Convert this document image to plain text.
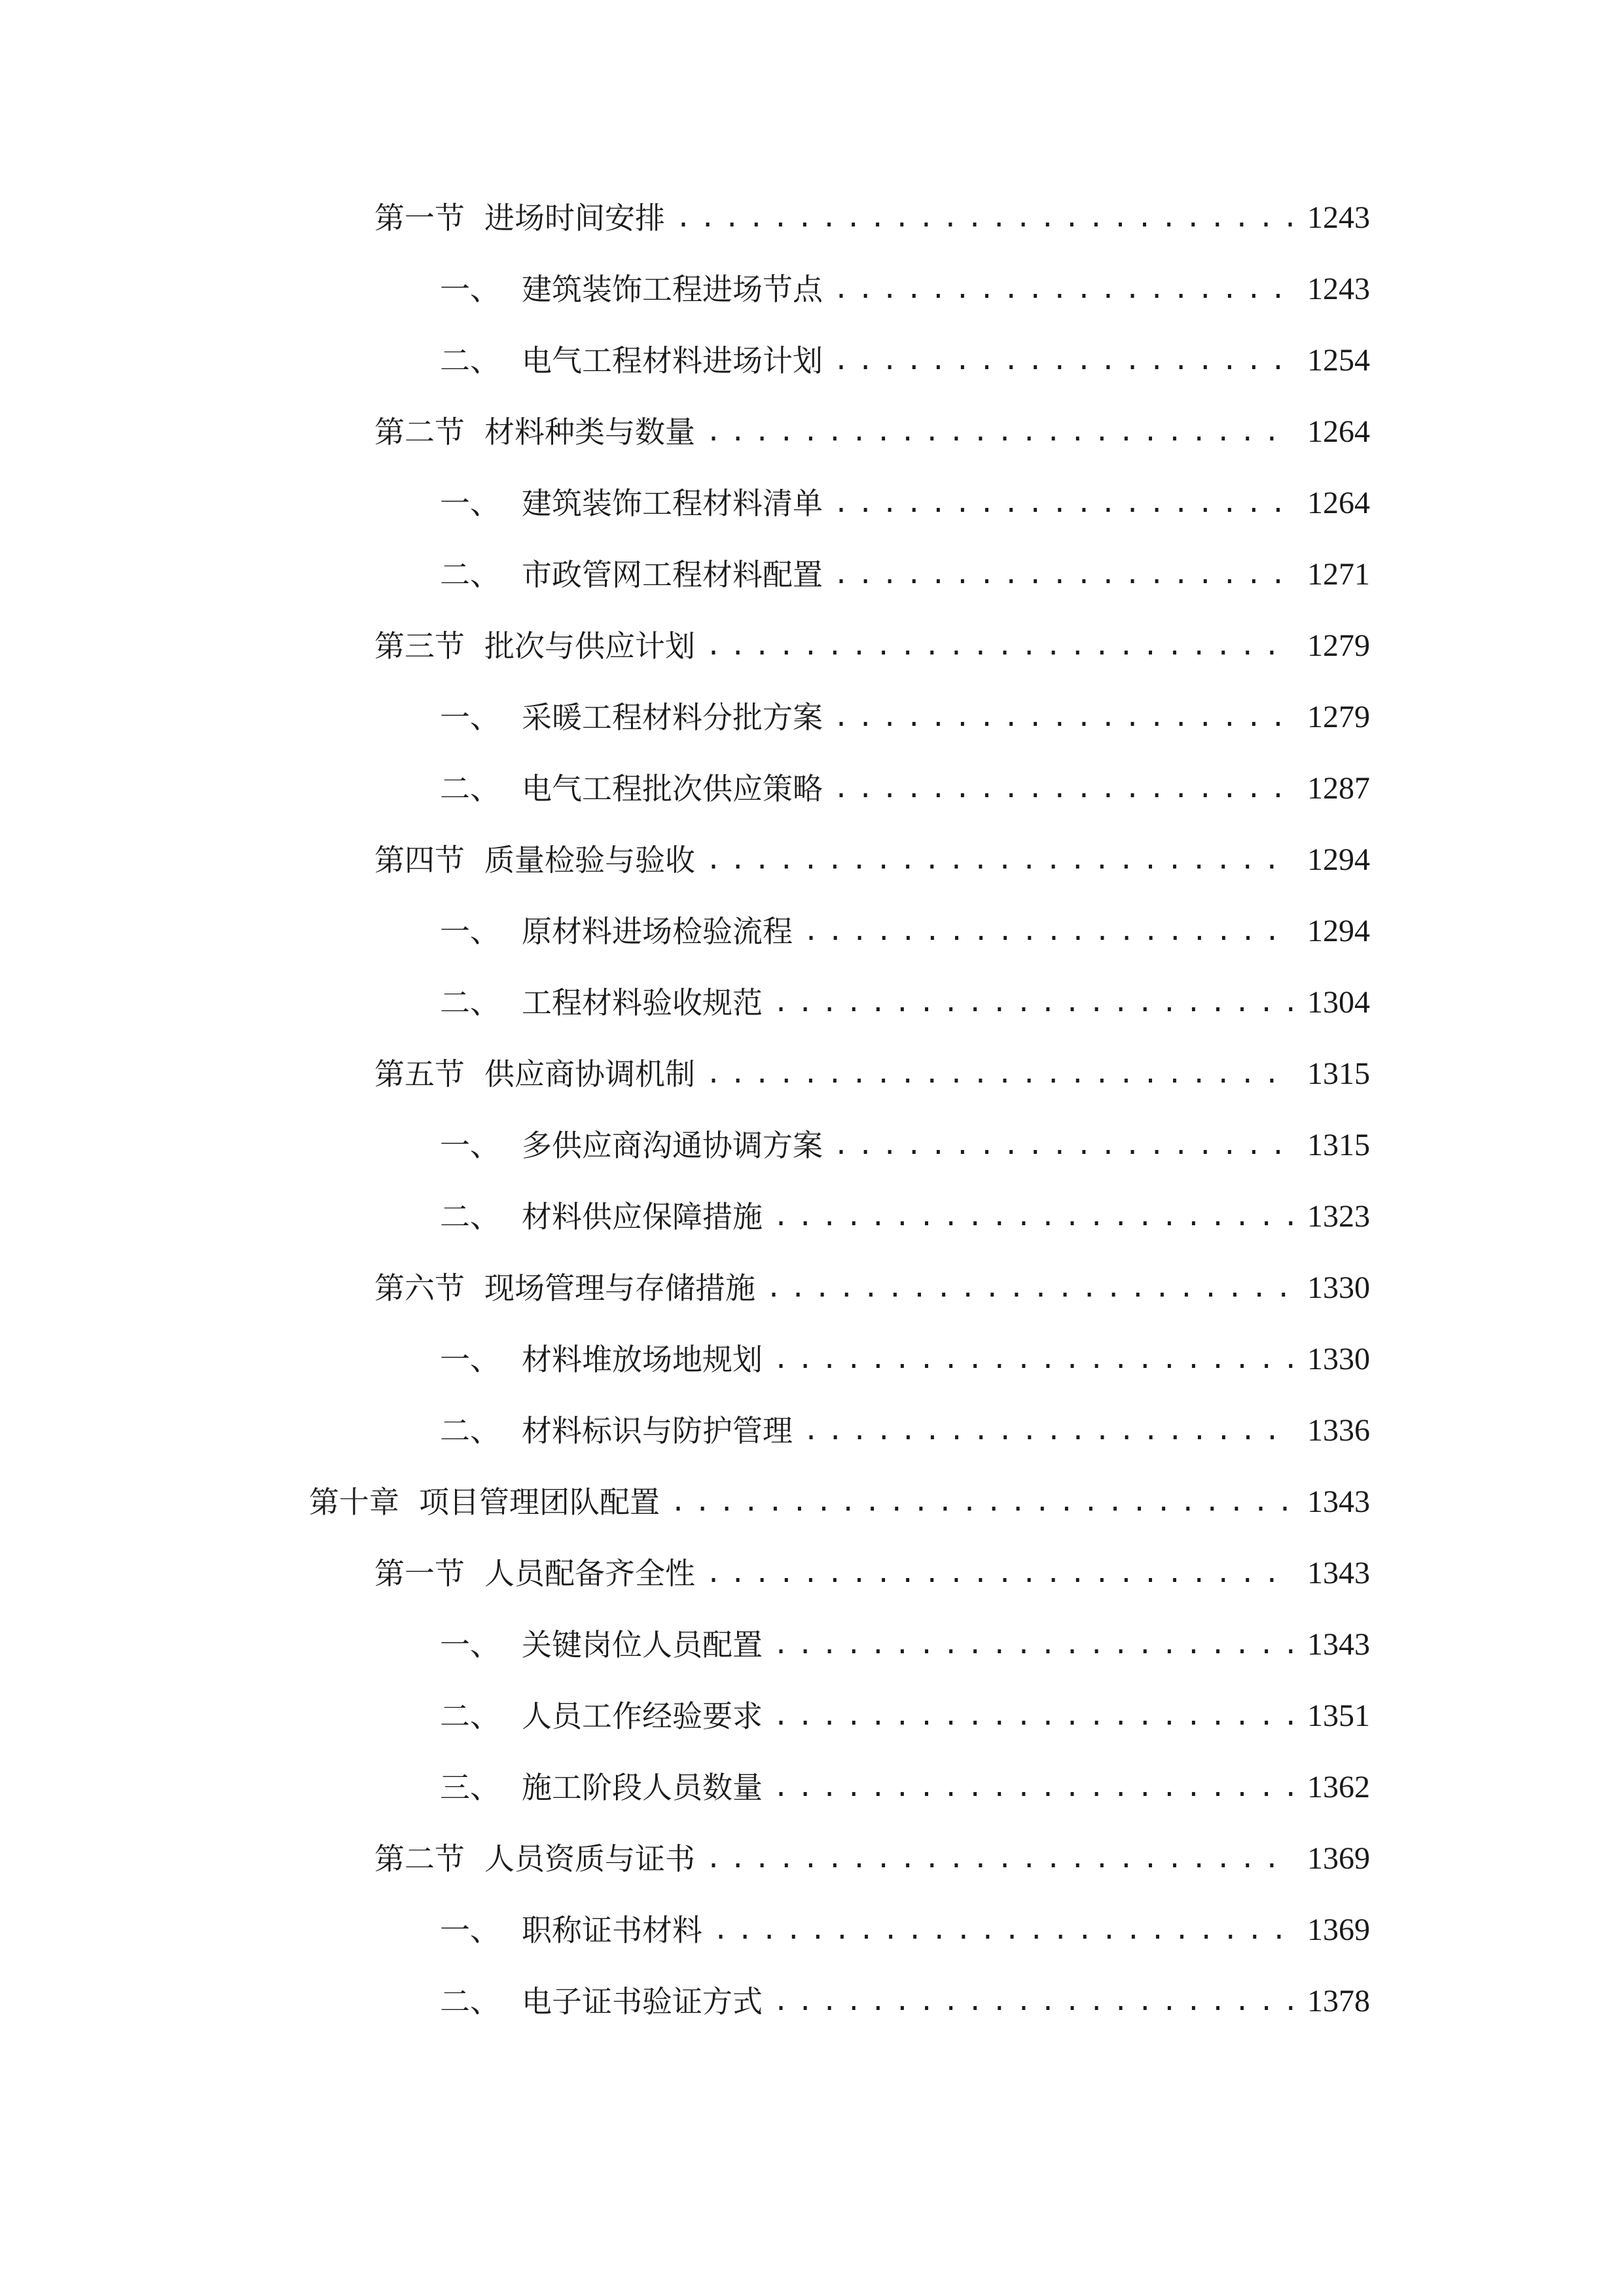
第一节 进场时间安排 .....	1243
一、 建筑装饰工程进场节点 .....	1243
二、 电气工程材料进场计划 .....	1254
第二节 材料种类与数量 .....	1264
一、 建筑装饰工程材料清单 .....	1264
二、 市政管网工程材料配置 .....	1271
第三节 批次与供应计划 .....	1279
一、 采暖工程材料分批方案 .....	1279
二、 电气工程批次供应策略 .....	1287
第四节 质量检验与验收 .....	1294
一、 原材料进场检验流程 .....	1294
二、 工程材料验收规范 .....	1304
第五节 供应商协调机制 .....	1315
一、 多供应商沟通协调方案 .....	1315
二、 材料供应保障措施 .....	1323
第六节 现场管理与存储措施 .....	1330
一、 材料堆放场地规划 .....	1330
二、 材料标识与防护管理 .....	1336
第十章 项目管理团队配置 .....	1343
第一节 人员配备齐全性 .....	1343
一、 关键岗位人员配置 .....	1343
二、 人员工作经验要求 .....	1351
三、 施工阶段人员数量 .....	1362
第二节 人员资质与证书 .....	1369
一、 职称证书材料 .....	1369
二、 电子证书验证方式 .....	1378
